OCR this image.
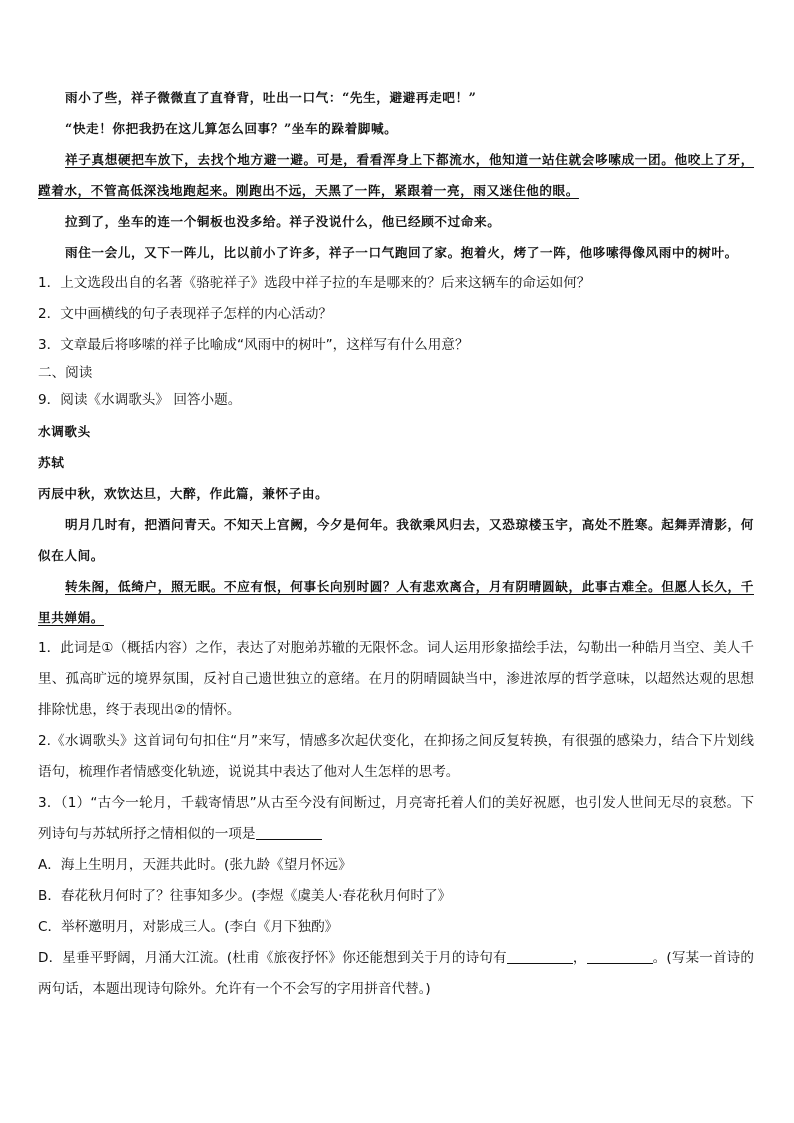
雨小了些，祥子微微直了直脊背，吐出一口气：“先生，避避再走吧！”

“快走！你把我扔在这儿算怎么回事？”坐车的跺着脚喊。

祥子真想硬把车放下，去找个地方避一避。可是，看看浑身上下都流水，他知道一站住就会哆嗦成一团。他咬上了牙，蹚着水，不管高低深浅地跑起来。刚跑出不远，天黑了一阵，紧跟着一亮，雨又迷住他的眼。

拉到了，坐车的连一个铜板也没多给。祥子没说什么，他已经顾不过命来。

雨住一会儿，又下一阵儿，比以前小了许多，祥子一口气跑回了家。抱着火，烤了一阵，他哆嗦得像风雨中的树叶。

1．上文选段出自的名著《骆驼祥子》选段中祥子拉的车是哪来的？后来这辆车的命运如何？

2．文中画横线的句子表现祥子怎样的内心活动？

3．文章最后将哆嗦的祥子比喻成“风雨中的树叶”，这样写有什么用意？

二、阅读

9．阅读《水调歌头》 回答小题。

水调歌头

苏轼

丙辰中秋，欢饮达旦，大醉，作此篇，兼怀子由。

明月几时有，把酒问青天。不知天上宫阙，今夕是何年。我欲乘风归去，又恐琼楼玉宇，高处不胜寒。起舞弄清影，何似在人间。

转朱阁，低绮户，照无眠。不应有恨，何事长向别时圆？人有悲欢离合，月有阴晴圆缺，此事古难全。但愿人长久，千里共婵娟。

1．此词是①（概括内容）之作，表达了对胞弟苏辙的无限怀念。词人运用形象描绘手法，勾勒出一种皓月当空、美人千里、孤高旷远的境界氛围，反衬自己遗世独立的意绪。在月的阴晴圆缺当中，渗进浓厚的哲学意味，以超然达观的思想排除忧患，终于表现出②的情怀。

2.《水调歌头》这首词句句扣住“月”来写，情感多次起伏变化，在抑扬之间反复转换，有很强的感染力，结合下片划线语句，梳理作者情感变化轨迹，说说其中表达了他对人生怎样的思考。

3．（1）“古今一轮月，千载寄情思”从古至今没有间断过，月亮寄托着人们的美好祝愿，也引发人世间无尽的哀愁。下列诗句与苏轼所抒之情相似的一项是

A．海上生明月，天涯共此时。(张九龄《望月怀远》

B．春花秋月何时了？往事知多少。(李煜《虞美人·春花秋月何时了》

C．举杯邀明月，对影成三人。(李白《月下独酌》

D．星垂平野阔，月涌大江流。(杜甫《旅夜抒怀》你还能想到关于月的诗句有	，	。(写某一首诗的两句话，本题出现诗句除外。允许有一个不会写的字用拼音代替。)
